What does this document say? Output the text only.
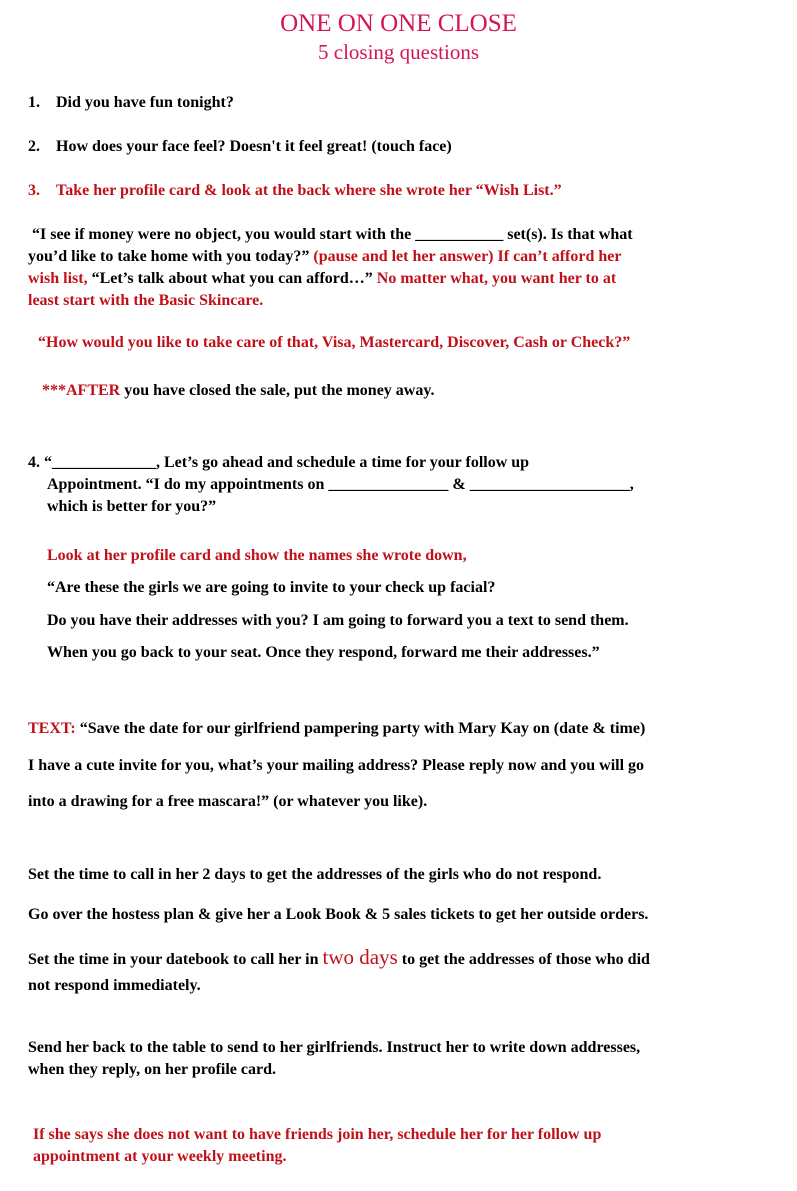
ONE ON ONE CLOSE
5 closing questions
1. Did you have fun tonight?
2. How does your face feel? Doesn't it feel great! (touch face)
3. Take her profile card & look at the back where she wrote her “Wish List.”
“I see if money were no object, you would start with the ___________ set(s). Is that what
you’d like to take home with you today?” (pause and let her answer) If can’t afford her
wish list, “Let’s talk about what you can afford…” No matter what, you want her to at
least start with the Basic Skincare.
“How would you like to take care of that, Visa, Mastercard, Discover, Cash or Check?”
***AFTER you have closed the sale, put the money away.
4. “_____________, Let’s go ahead and schedule a time for your follow up
Appointment. “I do my appointments on _______________ & ____________________,
which is better for you?”
Look at her profile card and show the names she wrote down,
“Are these the girls we are going to invite to your check up facial?
Do you have their addresses with you? I am going to forward you a text to send them.
When you go back to your seat. Once they respond, forward me their addresses.”
TEXT: “Save the date for our girlfriend pampering party with Mary Kay on (date & time)
I have a cute invite for you, what’s your mailing address? Please reply now and you will go
into a drawing for a free mascara!” (or whatever you like).
Set the time to call in her 2 days to get the addresses of the girls who do not respond.
Go over the hostess plan & give her a Look Book & 5 sales tickets to get her outside orders.
Set the time in your datebook to call her in two days to get the addresses of those who did
not respond immediately.
Send her back to the table to send to her girlfriends. Instruct her to write down addresses,
when they reply, on her profile card.
If she says she does not want to have friends join her, schedule her for her follow up
appointment at your weekly meeting.
